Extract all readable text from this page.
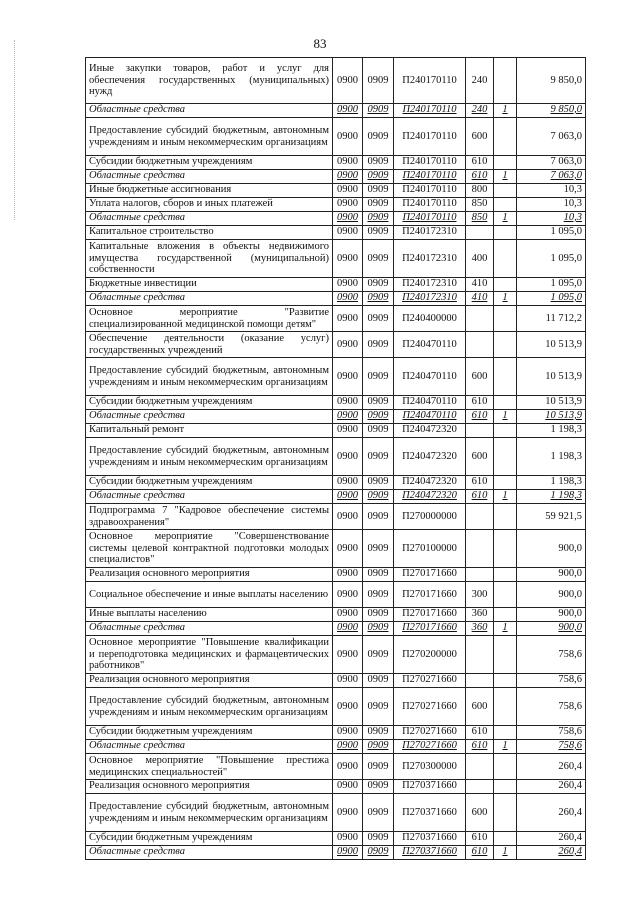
83
Иные закупки товаров, работ и услуг для обеспечения государственных (муниципальных) нужд	0900	0909	П240170110	240		9 850,0
Областные средства	0900	0909	П240170110	240	1	9 850,0
Предоставление субсидий бюджетным, автономным учреждениям и иным некоммерческим организациям	0900	0909	П240170110	600		7 063,0
Субсидии бюджетным учреждениям	0900	0909	П240170110	610		7 063,0
Областные средства	0900	0909	П240170110	610	1	7 063,0
Иные бюджетные ассигнования	0900	0909	П240170110	800		10,3
Уплата налогов, сборов и иных платежей	0900	0909	П240170110	850		10,3
Областные средства	0900	0909	П240170110	850	1	10,3
Капитальное строительство	0900	0909	П240172310			1 095,0
Капитальные вложения в объекты недвижимого имущества государственной (муниципальной) собственности	0900	0909	П240172310	400		1 095,0
Бюджетные инвестиции	0900	0909	П240172310	410		1 095,0
Областные средства	0900	0909	П240172310	410	1	1 095,0
Основное мероприятие "Развитие специализированной медицинской помощи детям"	0900	0909	П240400000			11 712,2
Обеспечение деятельности (оказание услуг) государственных учреждений	0900	0909	П240470110			10 513,9
Предоставление субсидий бюджетным, автономным учреждениям и иным некоммерческим организациям	0900	0909	П240470110	600		10 513,9
Субсидии бюджетным учреждениям	0900	0909	П240470110	610		10 513,9
Областные средства	0900	0909	П240470110	610	1	10 513,9
Капитальный ремонт	0900	0909	П240472320			1 198,3
Предоставление субсидий бюджетным, автономным учреждениям и иным некоммерческим организациям	0900	0909	П240472320	600		1 198,3
Субсидии бюджетным учреждениям	0900	0909	П240472320	610		1 198,3
Областные средства	0900	0909	П240472320	610	1	1 198,3
Подпрограмма 7 "Кадровое обеспечение системы здравоохранения"	0900	0909	П270000000			59 921,5
Основное мероприятие "Совершенствование системы целевой контрактной подготовки молодых специалистов"	0900	0909	П270100000			900,0
Реализация основного мероприятия	0900	0909	П270171660			900,0
Социальное обеспечение и иные выплаты населению	0900	0909	П270171660	300		900,0
Иные выплаты населению	0900	0909	П270171660	360		900,0
Областные средства	0900	0909	П270171660	360	1	900,0
Основное мероприятие "Повышение квалификации и переподготовка медицинских и фармацевтических работников"	0900	0909	П270200000			758,6
Реализация основного мероприятия	0900	0909	П270271660			758,6
Предоставление субсидий бюджетным, автономным учреждениям и иным некоммерческим организациям	0900	0909	П270271660	600		758,6
Субсидии бюджетным учреждениям	0900	0909	П270271660	610		758,6
Областные средства	0900	0909	П270271660	610	1	758,6
Основное мероприятие "Повышение престижа медицинских специальностей"	0900	0909	П270300000			260,4
Реализация основного мероприятия	0900	0909	П270371660			260,4
Предоставление субсидий бюджетным, автономным учреждениям и иным некоммерческим организациям	0900	0909	П270371660	600		260,4
Субсидии бюджетным учреждениям	0900	0909	П270371660	610		260,4
Областные средства	0900	0909	П270371660	610	1	260,4
